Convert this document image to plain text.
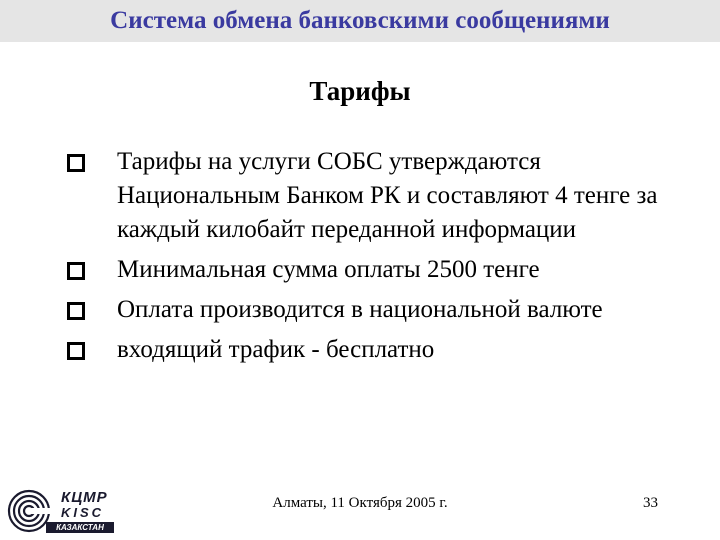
Система обмена банковскими сообщениями
Тарифы
Тарифы на услуги СОБС утверждаются Национальным Банком РК и составляют 4 тенге за каждый килобайт переданной информации
Минимальная сумма оплаты 2500 тенге
Оплата производится в национальной валюте
входящий трафик - бесплатно
КЦМР
KISC
КАЗАКСТАН
Алматы, 11 Октября 2005 г.	33
